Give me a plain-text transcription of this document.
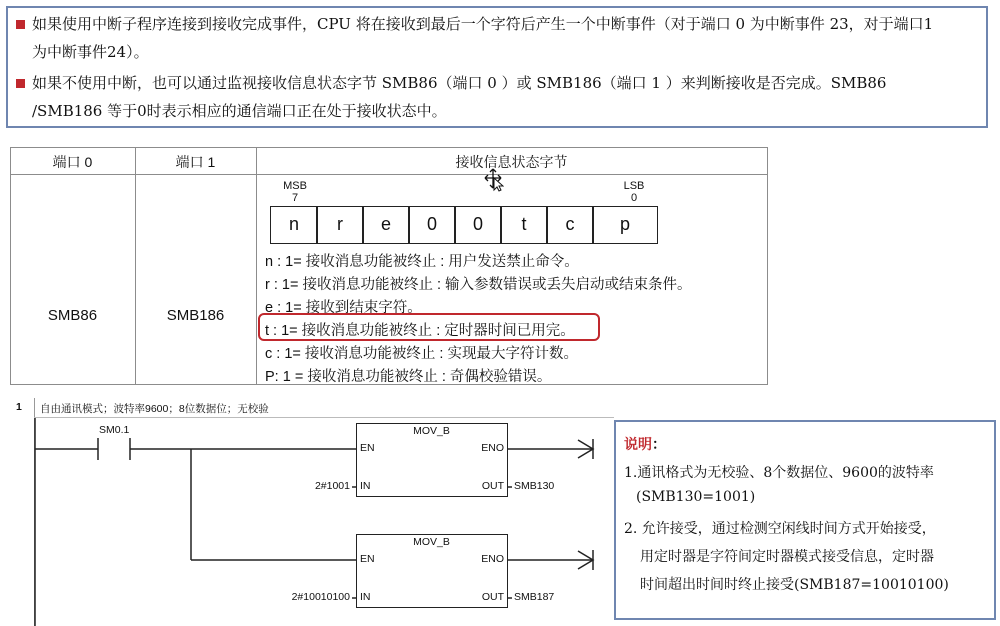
如果使用中断子程序连接到接收完成事件，CPU 将在接收到最后一个字符后产生一个中断事件（对于端口 0 为中断事件 23，对于端口1
为中断事件24）。
如果不使用中断，也可以通过监视接收信息状态字节 SMB86（端口 0 ）或 SMB186（端口 1 ）来判断接收是否完成。SMB86
/SMB186 等于0时表示相应的通信端口正在处于接收状态中。
端口 0	端口 1	接收信息状态字节
SMB86	SMB186
MSB
7
LSB
0
n	r	e	0	0	t	c	p
n : 1= 接收消息功能被终止 : 用户发送禁止命令。
r : 1= 接收消息功能被终止 : 输入参数错误或丢失启动或结束条件。
e : 1= 接收到结束字符。
t : 1= 接收消息功能被终止 : 定时器时间已用完。
c : 1= 接收消息功能被终止 : 实现最大字符计数。
P: 1 = 接收消息功能被终止 : 奇偶校验错误。
1 自由通讯模式；波特率9600；8位数据位；无校验
SM0.1	MOV_B
EN	ENO
IN	OUT
2#1001	SMB130
MOV_B
EN	ENO
IN	OUT
2#10010100	SMB187
说明：
1.通讯格式为无校验、8个数据位、9600的波特率
(SMB130=1001)
2. 允许接受，通过检测空闲线时间方式开始接受，
用定时器是字符间定时器模式接受信息，定时器
时间超出时间时终止接受(SMB187=10010100)
